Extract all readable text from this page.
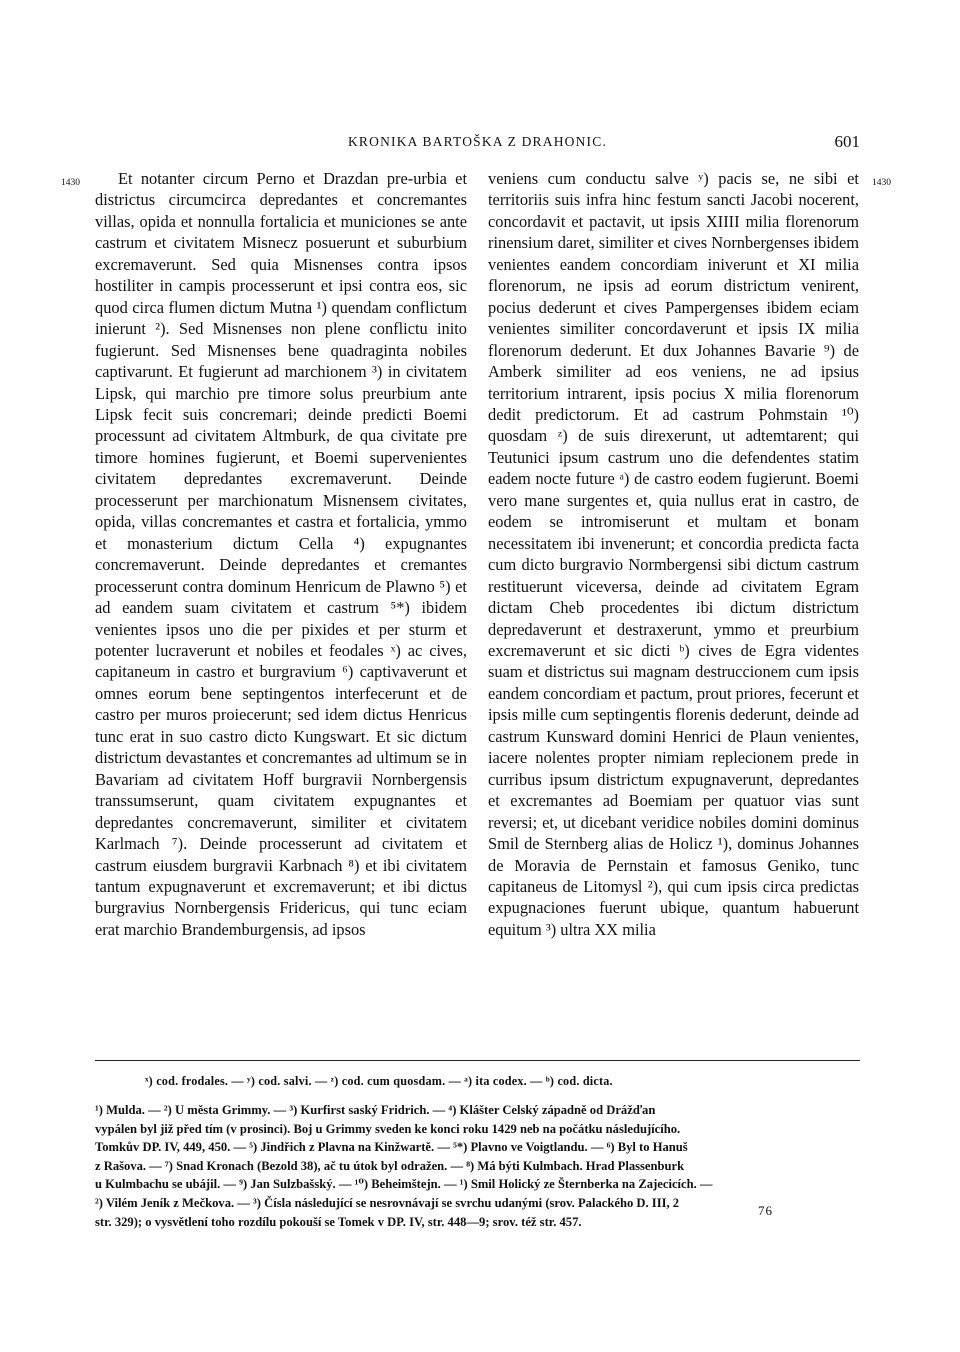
KRONIKA BARTOŠKA Z DRAHONIC.	601
1430	1430

Et notanter circum Perno et Drazdan pre-urbia et districtus circumcirca depredantes et concremantes villas, opida et nonnulla fortalicia et municiones se ante castrum et civitatem Misnecz posuerunt et suburbium excremaverunt. Sed quia Misnenses contra ipsos hostiliter in campis processerunt et ipsi contra eos, sic quod circa flumen dictum Mutna ¹) quendam conflictum inierunt ²). Sed Misnenses non plene conflictu inito fugierunt. Sed Misnenses bene quadraginta nobiles captivarunt. Et fugierunt ad marchionem ³) in civitatem Lipsk, qui marchio pre timore solus preurbium ante Lipsk fecit suis concremari; deinde predicti Boemi processunt ad civitatem Altmburk, de qua civitate pre timore homines fugierunt, et Boemi supervenientes civitatem depredantes excremaverunt. Deinde processerunt per marchionatum Misnensem civitates, opida, villas concremantes et castra et fortalicia, ymmo et monasterium dictum Cella ⁴) expugnantes concremaverunt. Deinde depredantes et cremantes processerunt contra dominum Henricum de Plawno ⁵) et ad eandem suam civitatem et castrum ⁵*) ibidem venientes ipsos uno die per pixides et per sturm et potenter lucraverunt et nobiles et feodales ˣ) ac cives, capitaneum in castro et burgravium ⁶) captivaverunt et omnes eorum bene septingentos interfecerunt et de castro per muros proiecerunt; sed idem dictus Henricus tunc erat in suo castro dicto Kungswart. Et sic dictum districtum devastantes et concremantes ad ultimum se in Bavariam ad civitatem Hoff burgravii Nornbergensis transsumserunt, quam civitatem expugnantes et depredantes concremaverunt, similiter et civitatem Karlmach ⁷). Deinde processerunt ad civitatem et castrum eiusdem burgravii Karbnach ⁸) et ibi civitatem tantum expugnaverunt et excremaverunt; et ibi dictus burgravius Nornbergensis Fridericus, qui tunc eciam erat marchio Brandemburgensis, ad ipsos

veniens cum conductu salve ʸ) pacis se, ne sibi et territoriis suis infra hinc festum sancti Jacobi nocerent, concordavit et pactavit, ut ipsis XIIII milia florenorum rinensium daret, similiter et cives Nornbergenses ibidem venientes eandem concordiam iniverunt et XI milia florenorum, ne ipsis ad eorum districtum venirent, pocius dederunt et cives Pampergenses ibidem eciam venientes similiter concordaverunt et ipsis IX milia florenorum dederunt. Et dux Johannes Bavarie ⁹) de Amberk similiter ad eos veniens, ne ad ipsius territorium intrarent, ipsis pocius X milia florenorum dedit predictorum. Et ad castrum Pohmstain ¹⁰) quosdam ᶻ) de suis direxerunt, ut adtemtarent; qui Teutunici ipsum castrum uno die defendentes statim eadem nocte future ᵃ) de castro eodem fugierunt. Boemi vero mane surgentes et, quia nullus erat in castro, de eodem se intromiserunt et multam et bonam necessitatem ibi invenerunt; et concordia predicta facta cum dicto burgravio Normbergensi sibi dictum castrum restituerunt viceversa, deinde ad civitatem Egram dictam Cheb procedentes ibi dictum districtum depredaverunt et destraxerunt, ymmo et preurbium excremaverunt et sic dicti ᵇ) cives de Egra videntes suam et districtus sui magnam destruccionem cum ipsis eandem concordiam et pactum, prout priores, fecerunt et ipsis mille cum septingentis florenis dederunt, deinde ad castrum Kunsward domini Henrici de Plaun venientes, iacere nolentes propter nimiam replecionem prede in curribus ipsum districtum expugnaverunt, depredantes et excremantes ad Boemiam per quatuor vias sunt reversi; et, ut dicebant veridice nobiles domini dominus Smil de Sternberg alias de Holicz ¹), dominus Johannes de Moravia de Pernstain et famosus Geniko, tunc capitaneus de Litomysl ²), qui cum ipsis circa predictas expugnaciones fuerunt ubique, quantum habuerunt equitum ³) ultra XX milia

ˣ) cod. frodales. — ʸ) cod. salvi. — ᶻ) cod. cum quosdam. — ᵃ) ita codex. — ᵇ) cod. dicta.

¹) Mulda. — ²) U města Grimmy. — ³) Kurfirst saský Fridrich. — ⁴) Klášter Celský západně od Drážďan

vypálen byl již před tím (v prosinci). Boj u Grimmy sveden ke konci roku 1429 neb na počátku následujícího.

Tomkův DP. IV, 449, 450. — ⁵) Jindřich z Plavna na Kinžwartě. — ⁵*) Plavno ve Voigtlandu. — ⁶) Byl to Hanuš

z Rašova. — ⁷) Snad Kronach (Bezold 38), ač tu útok byl odražen. — ⁸) Má býti Kulmbach. Hrad Plassenburk

u Kulmbachu se ubájil. — ⁹) Jan Sulzbašský. — ¹⁰) Beheimštejn. — ¹) Smil Holický ze Šternberka na Zajecicích. —

²) Vilém Jeník z Mečkova. — ³) Čísla následující se nesrovnávají se svrchu udanými (srov. Palackého D. III, 2

str. 329); o vysvětlení toho rozdílu pokouší se Tomek v DP. IV, str. 448—9; srov. též str. 457.

76
